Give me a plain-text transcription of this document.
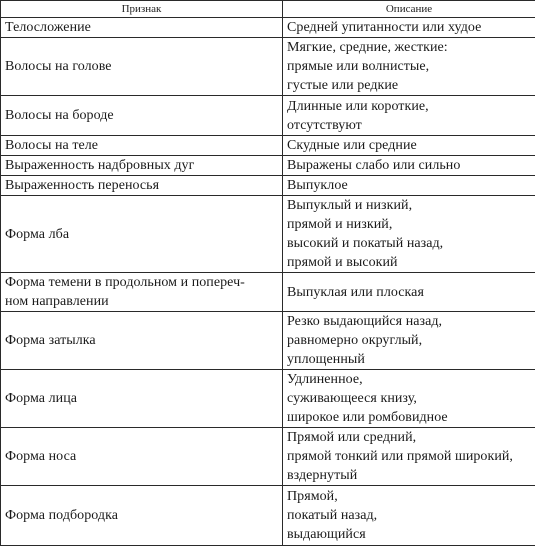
Признак	Описание

Телосложение	Средней упитанности или худое

Волосы на голове	Мягкие, средние, жесткие:
прямые или волнистые,
густые или редкие

Волосы на бороде	Длинные или короткие,
отсутствуют

Волосы на теле	Скудные или средние

Выраженность надбровных дуг	Выражены слабо или сильно

Выраженность переносья	Выпуклое

Форма лба	Выпуклый и низкий,
прямой и низкий,
высокий и покатый назад,
прямой и высокий

Форма темени в продольном и попереч-
ном направлении	Выпуклая или плоская

Форма затылка	Резко выдающийся назад,
равномерно округлый,
уплощенный

Форма лица	Удлиненное,
суживающееся книзу,
широкое или ромбовидное

Форма носа	Прямой или средний,
прямой тонкий или прямой широкий,
вздернутый

Форма подбородка	Прямой,
покатый назад,
выдающийся
